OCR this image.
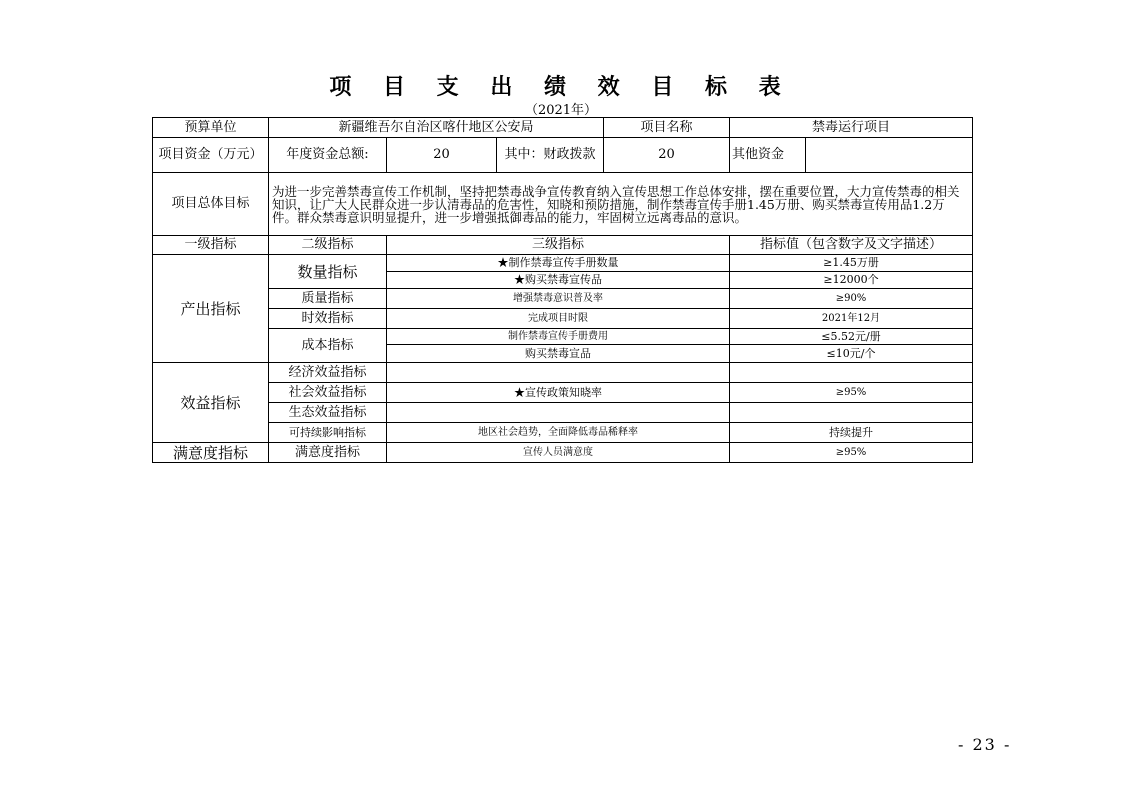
项 目 支 出 绩 效 目 标 表
（2021年）
预算单位	新疆维吾尔自治区喀什地区公安局			项目名称	禁毒运行项目	
项目资金（万元）	年度资金总额:	20	其中：财政拨款	20	其他资金	
项目总体目标	为进一步完善禁毒宣传工作机制，坚持把禁毒战争宣传教育纳入宣传思想工作总体安排，摆在重要位置，大力宣传禁毒的相关知识，让广大人民群众进一步认清毒品的危害性，知晓和预防措施，制作禁毒宣传手册1.45万册、购买禁毒宣传用品1.2万件。群众禁毒意识明显提升，进一步增强抵御毒品的能力，牢固树立远离毒品的意识。					
一级指标	二级指标	三级指标			指标值（包含数字及文字描述）	
产出指标	数量指标	★制作禁毒宣传手册数量			≥1.45万册	
		★购买禁毒宣传品			≥12000个	
	质量指标	增强禁毒意识普及率			≥90%	
	时效指标	完成项目时限			2021年12月	
	成本指标	制作禁毒宣传手册费用			≤5.52元/册	
		购买禁毒宣品			≤10元/个	
效益指标	经济效益指标					
	社会效益指标	★宣传政策知晓率			≥95%	
	生态效益指标					
	可持续影响指标	地区社会趋势，全面降低毒品稀释率			持续提升	
满意度指标	满意度指标	宣传人员满意度			≥95%	
- 23 -
